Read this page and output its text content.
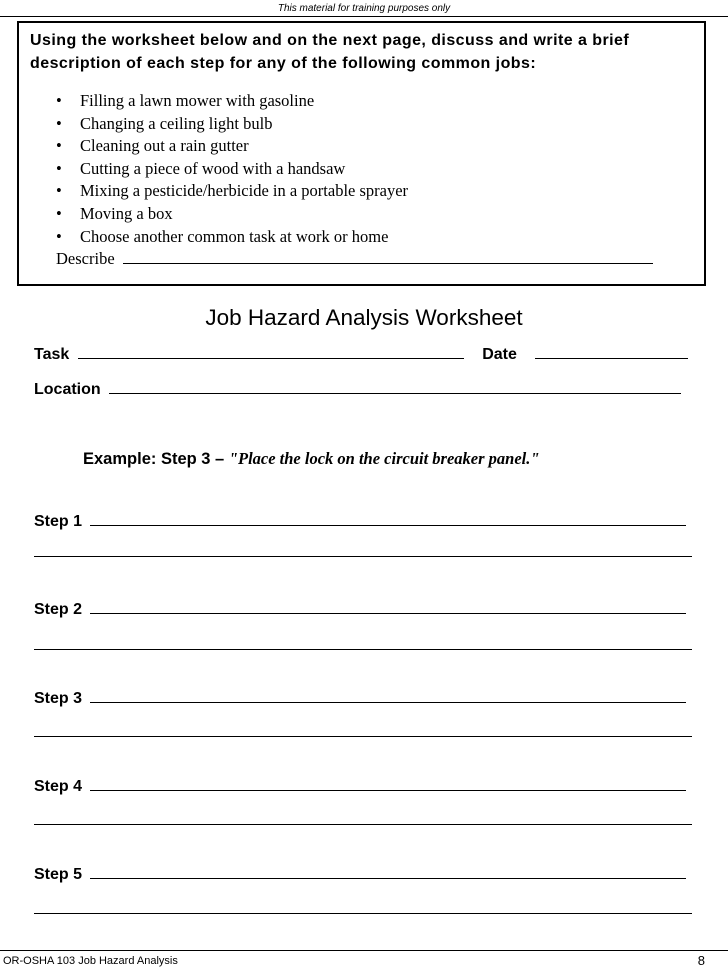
This material for training purposes only

Using the worksheet below and on the next page, discuss and write a brief description of each step for any of the following common jobs:

• Filling a lawn mower with gasoline
• Changing a ceiling light bulb
• Cleaning out a rain gutter
• Cutting a piece of wood with a handsaw
• Mixing a pesticide/herbicide in a portable sprayer
• Moving a box
• Choose another common task at work or home
Describe
Job Hazard Analysis Worksheet
Task	Date
Location
Example: Step 3 – "Place the lock on the circuit breaker panel."
Step 1
Step 2
Step 3
Step 4
Step 5
OR-OSHA 103 Job Hazard Analysis	8
